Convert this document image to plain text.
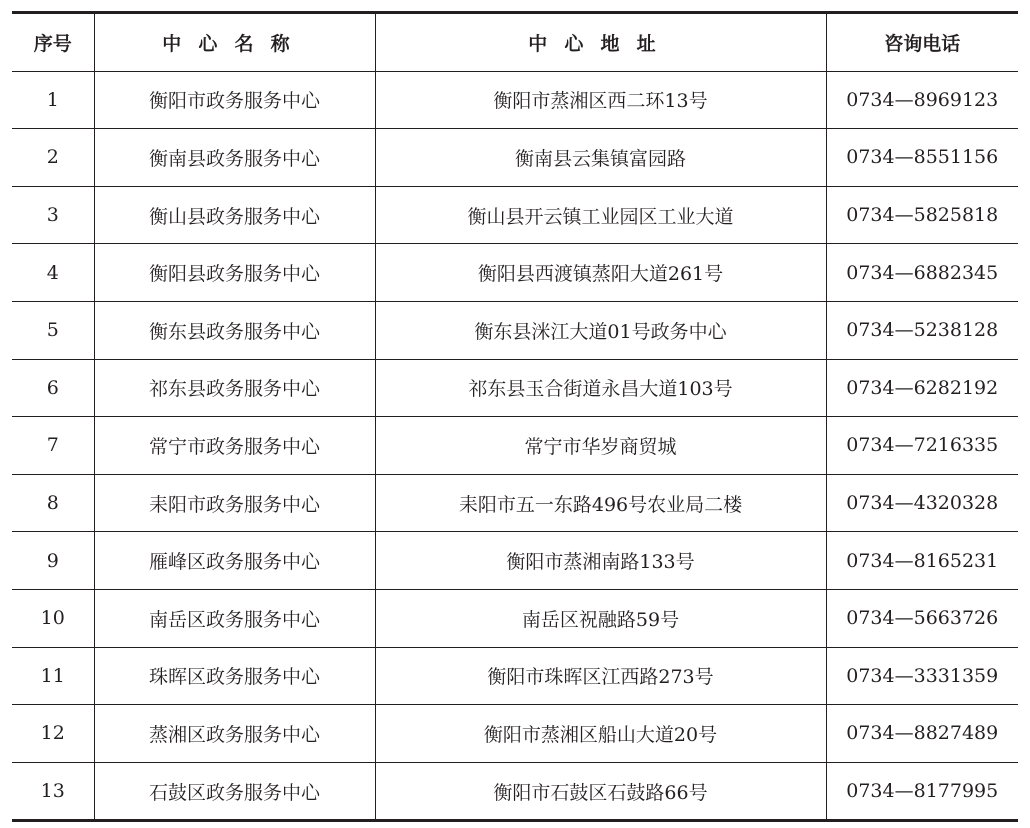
序号	中心名称	中心地址	咨询电话
1	衡阳市政务服务中心	衡阳市蒸湘区西二环13号	0734—8969123
2	衡南县政务服务中心	衡南县云集镇富园路	0734—8551156
3	衡山县政务服务中心	衡山县开云镇工业园区工业大道	0734—5825818
4	衡阳县政务服务中心	衡阳县西渡镇蒸阳大道261号	0734—6882345
5	衡东县政务服务中心	衡东县洣江大道01号政务中心	0734—5238128
6	祁东县政务服务中心	祁东县玉合街道永昌大道103号	0734—6282192
7	常宁市政务服务中心	常宁市华岁商贸城	0734—7216335
8	耒阳市政务服务中心	耒阳市五一东路496号农业局二楼	0734—4320328
9	雁峰区政务服务中心	衡阳市蒸湘南路133号	0734—8165231
10	南岳区政务服务中心	南岳区祝融路59号	0734—5663726
11	珠晖区政务服务中心	衡阳市珠晖区江西路273号	0734—3331359
12	蒸湘区政务服务中心	衡阳市蒸湘区船山大道20号	0734—8827489
13	石鼓区政务服务中心	衡阳市石鼓区石鼓路66号	0734—8177995
